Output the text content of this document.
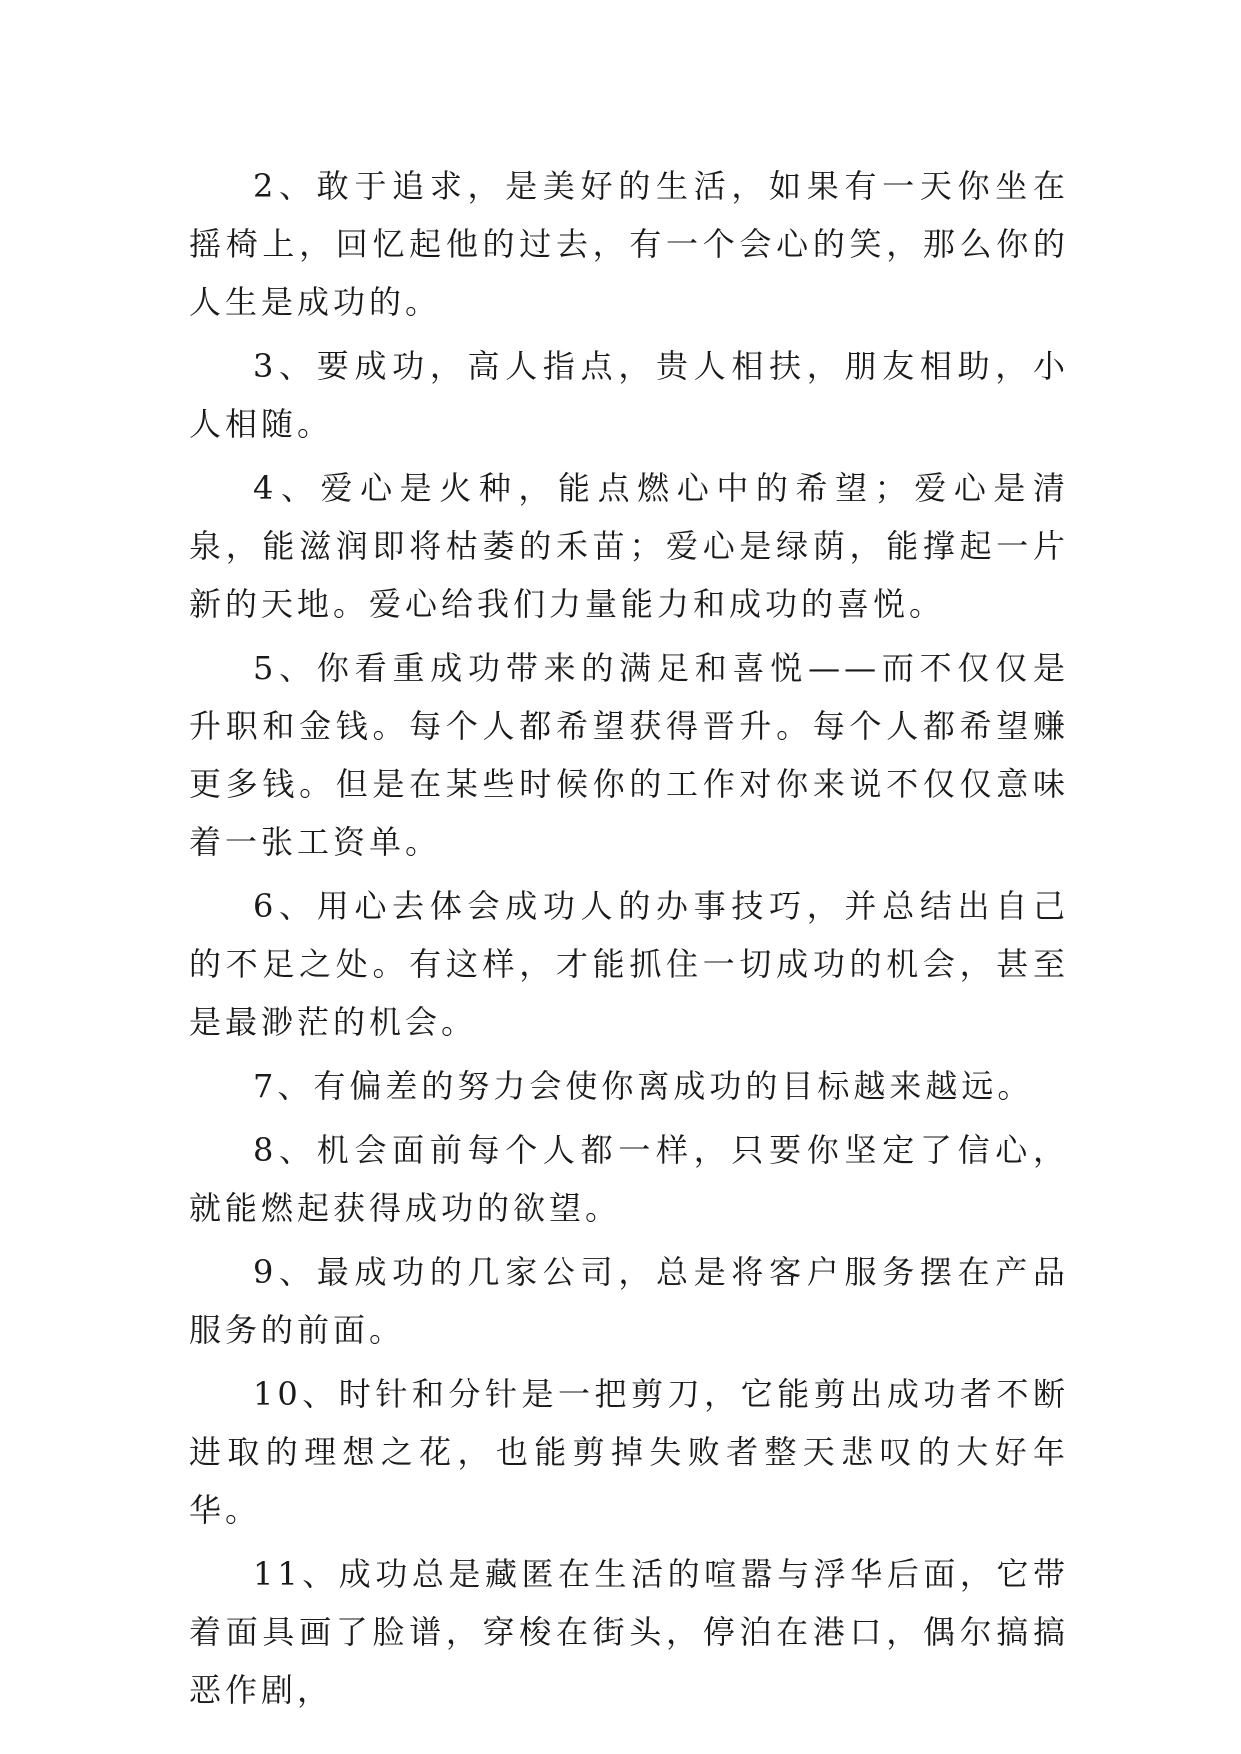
2、敢于追求，是美好的生活，如果有一天你坐在摇椅上，回忆起他的过去，有一个会心的笑，那么你的人生是成功的。

3、要成功，高人指点，贵人相扶，朋友相助，小人相随。

4、爱心是火种，能点燃心中的希望；爱心是清泉，能滋润即将枯萎的禾苗；爱心是绿荫，能撑起一片新的天地。爱心给我们力量能力和成功的喜悦。

5、你看重成功带来的满足和喜悦——而不仅仅是升职和金钱。每个人都希望获得晋升。每个人都希望赚更多钱。但是在某些时候你的工作对你来说不仅仅意味着一张工资单。

6、用心去体会成功人的办事技巧，并总结出自己的不足之处。有这样，才能抓住一切成功的机会，甚至是最渺茫的机会。

7、有偏差的努力会使你离成功的目标越来越远。

8、机会面前每个人都一样，只要你坚定了信心，就能燃起获得成功的欲望。

9、最成功的几家公司，总是将客户服务摆在产品服务的前面。

10、时针和分针是一把剪刀，它能剪出成功者不断进取的理想之花，也能剪掉失败者整天悲叹的大好年华。

11、成功总是藏匿在生活的喧嚣与浮华后面，它带着面具画了脸谱，穿梭在街头，停泊在港口，偶尔搞搞恶作剧，
